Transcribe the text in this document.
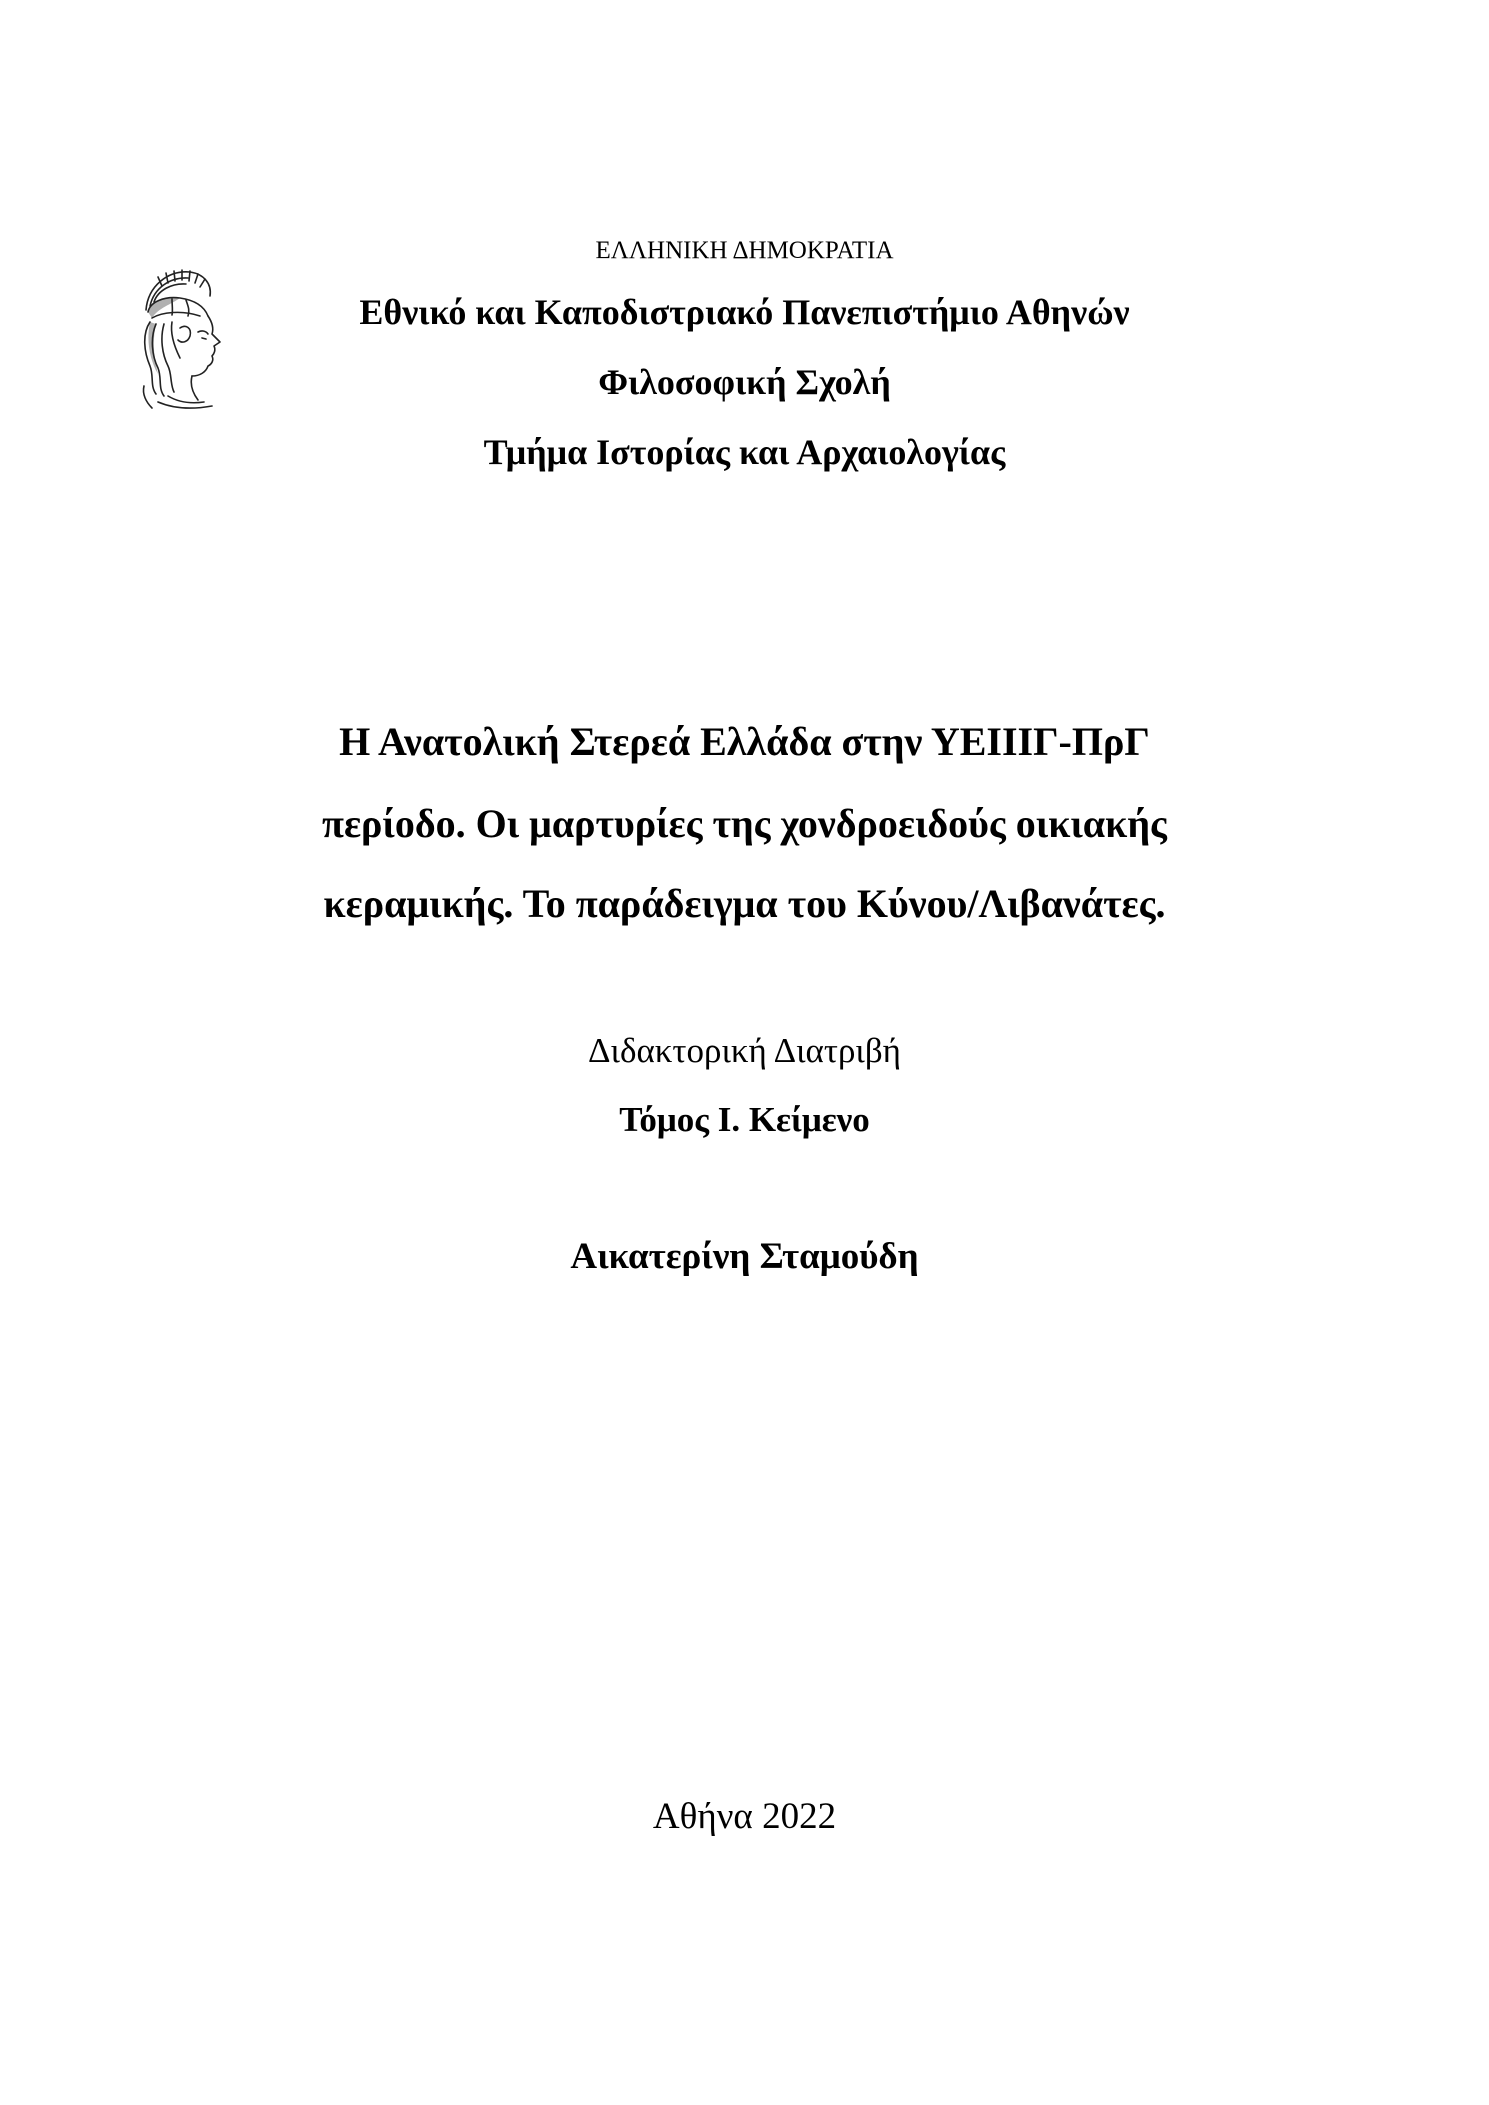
ΕΛΛΗΝΙΚΗ ΔΗΜΟΚΡΑΤΙΑ
Εθνικό και Καποδιστριακό Πανεπιστήμιο Αθηνών
Φιλοσοφική Σχολή
Τμήμα Ιστορίας και Αρχαιολογίας
Η Ανατολική Στερεά Ελλάδα στην ΥΕΙΙΙΓ-ΠρΓ
περίοδο. Οι μαρτυρίες της χονδροειδούς οικιακής
κεραμικής. Το παράδειγμα του Κύνου/Λιβανάτες.
Διδακτορική Διατριβή
Τόμος Ι. Κείμενο
Αικατερίνη Σταμούδη
Αθήνα 2022
